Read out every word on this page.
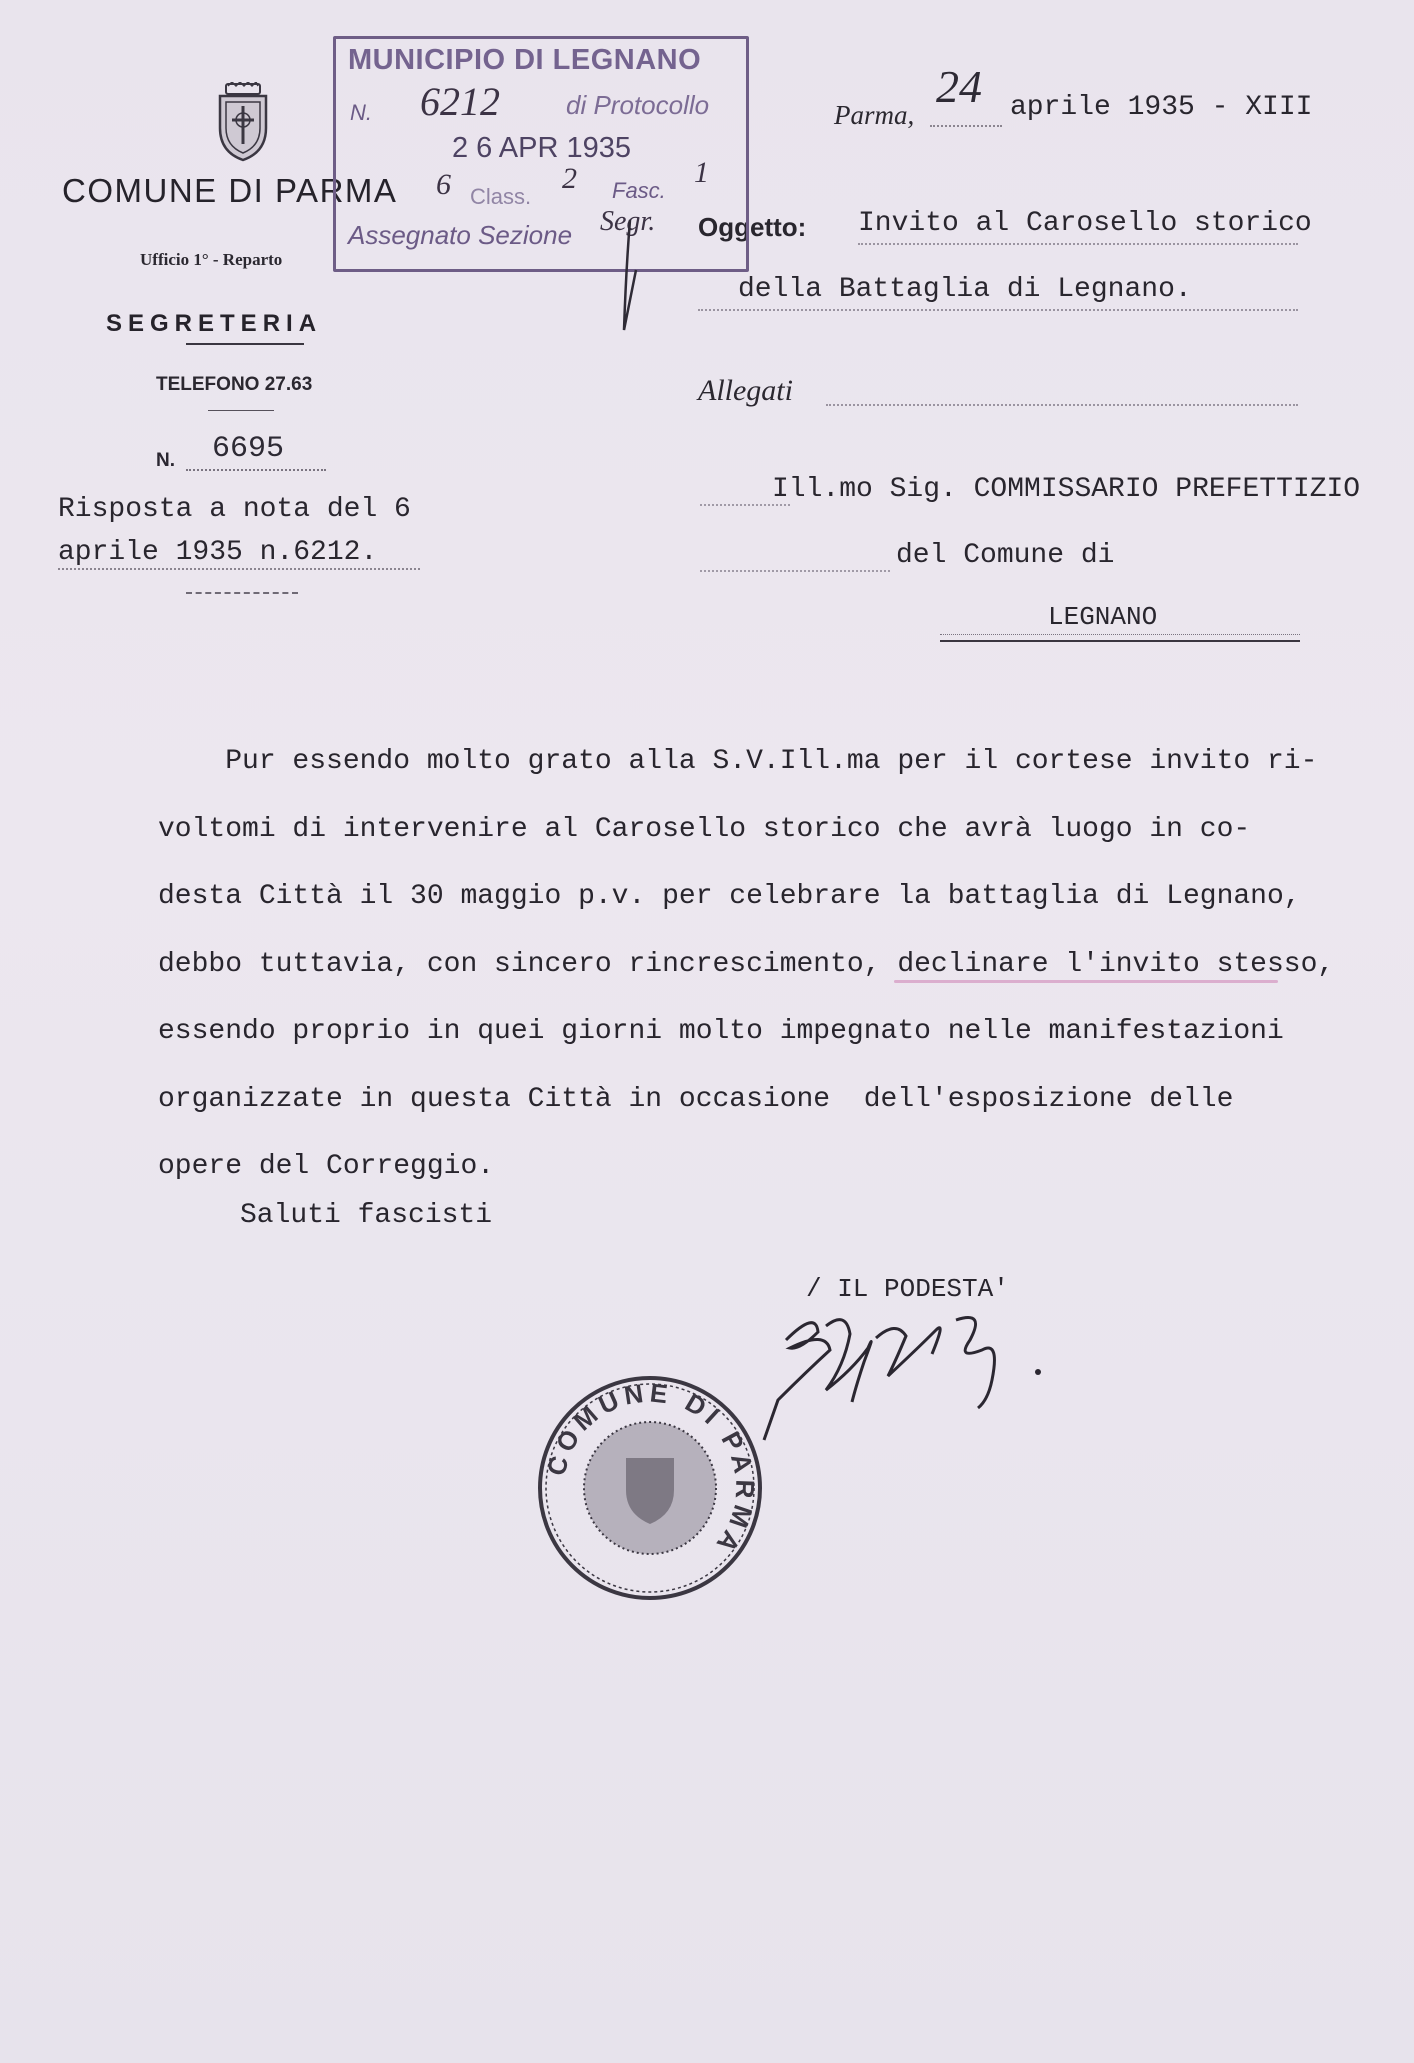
COMUNE DI PARMA
Ufficio 1° - Reparto
SEGRETERIA
TELEFONO 27.63
N. 6695
Risposta a nota del 6
aprile 1935 n.6212.
Parma,
24 aprile 1935 - XIII
Oggetto: Invito al Carosello storico
della Battaglia di Legnano.
Allegati
Ill.mo Sig. COMMISSARIO PREFETTIZIO
del Comune di
LEGNANO
Pur essendo molto grato alla S.V.Ill.ma per il cortese invito ri-
voltomi di intervenire al Carosello storico che avrà luogo in co-
desta Città il 30 maggio p.v. per celebrare la battaglia di Legnano,
debbo tuttavia, con sincero rincrescimento, declinare l'invito stesso,
essendo proprio in quei giorni molto impegnato nelle manifestazioni
organizzate in questa Città in occasione  dell'esposizione delle
opere del Correggio.
Saluti fascisti
/ IL PODESTA'
COMUNE DI PARMA
MUNICIPIO DI LEGNANO
N. 6212	di Protocollo
2 6 APR 1935
6 Class.
2 Fasc.
1
Assegnato Sezione Segr.
